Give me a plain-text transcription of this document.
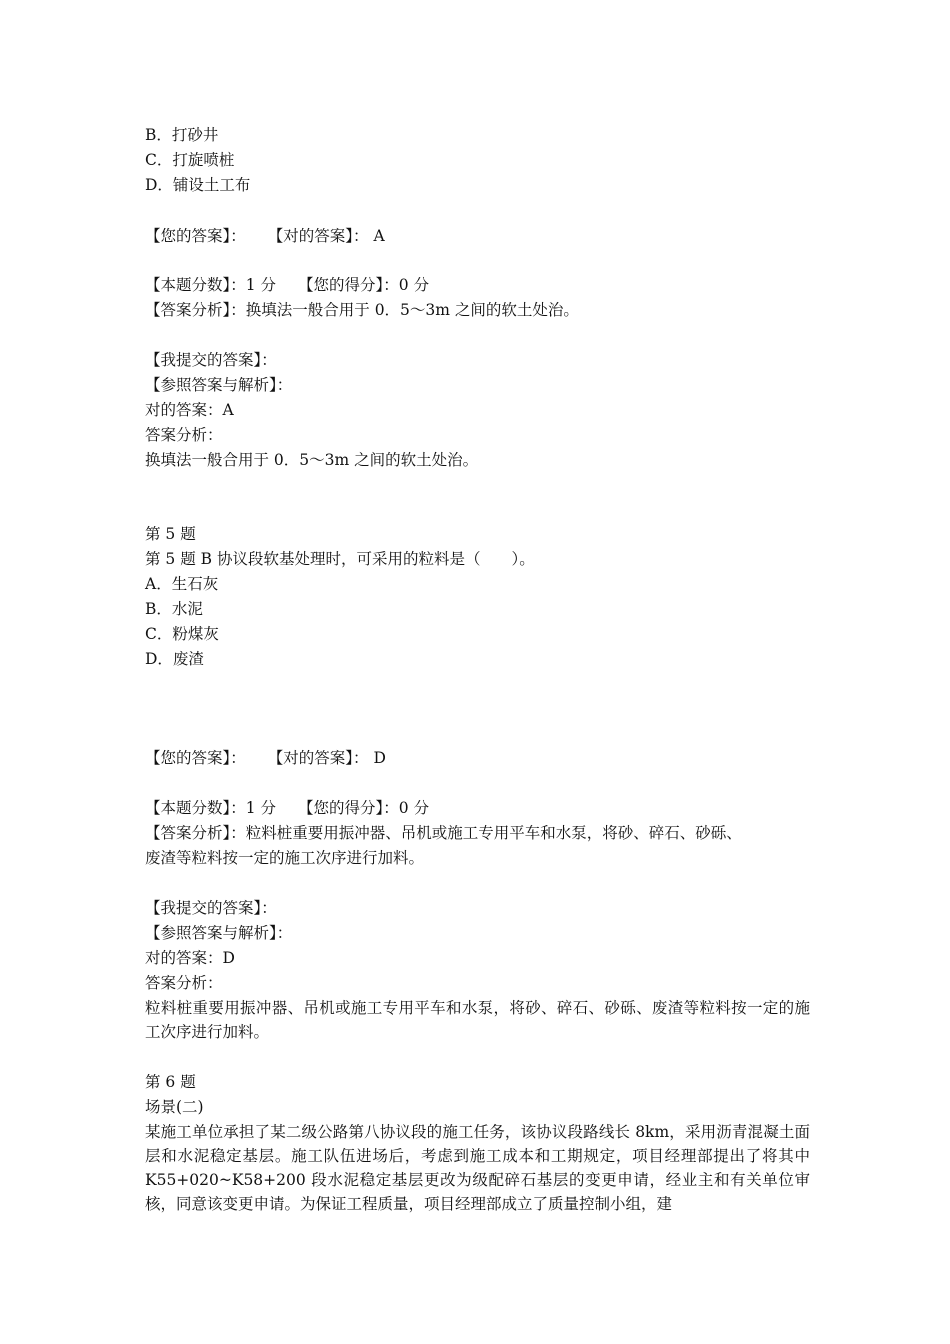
B．打砂井
C．打旋喷桩
D．铺设土工布
【您的答案】： 【对的答案】： A
【本题分数】：1 分 【您的得分】：0 分
【答案分析】：换填法一般合用于 0．5～3m 之间的软土处治。
【我提交的答案】：
【参照答案与解析】：
对的答案：A
答案分析：
换填法一般合用于 0．5～3m 之间的软土处治。
第 5 题
第 5 题 B 协议段软基处理时，可采用的粒料是（　　）。
A．生石灰
B．水泥
C．粉煤灰
D．废渣
【您的答案】： 【对的答案】： D
【本题分数】：1 分 【您的得分】：0 分
【答案分析】：粒料桩重要用振冲器、吊机或施工专用平车和水泵，将砂、碎石、砂砾、
废渣等粒料按一定的施工次序进行加料。
【我提交的答案】：
【参照答案与解析】：
对的答案：D
答案分析：
粒料桩重要用振冲器、吊机或施工专用平车和水泵，将砂、碎石、砂砾、废渣等粒料按一定的施工次序进行加料。
第 6 题
场景(二)
某施工单位承担了某二级公路第八协议段的施工任务，该协议段路线长 8km，采用沥青混凝土面层和水泥稳定基层。施工队伍进场后，考虑到施工成本和工期规定，项目经理部提出了将其中 K55+020~K58+200 段水泥稳定基层更改为级配碎石基层的变更申请，经业主和有关单位审核，同意该变更申请。为保证工程质量，项目经理部成立了质量控制小组，建
